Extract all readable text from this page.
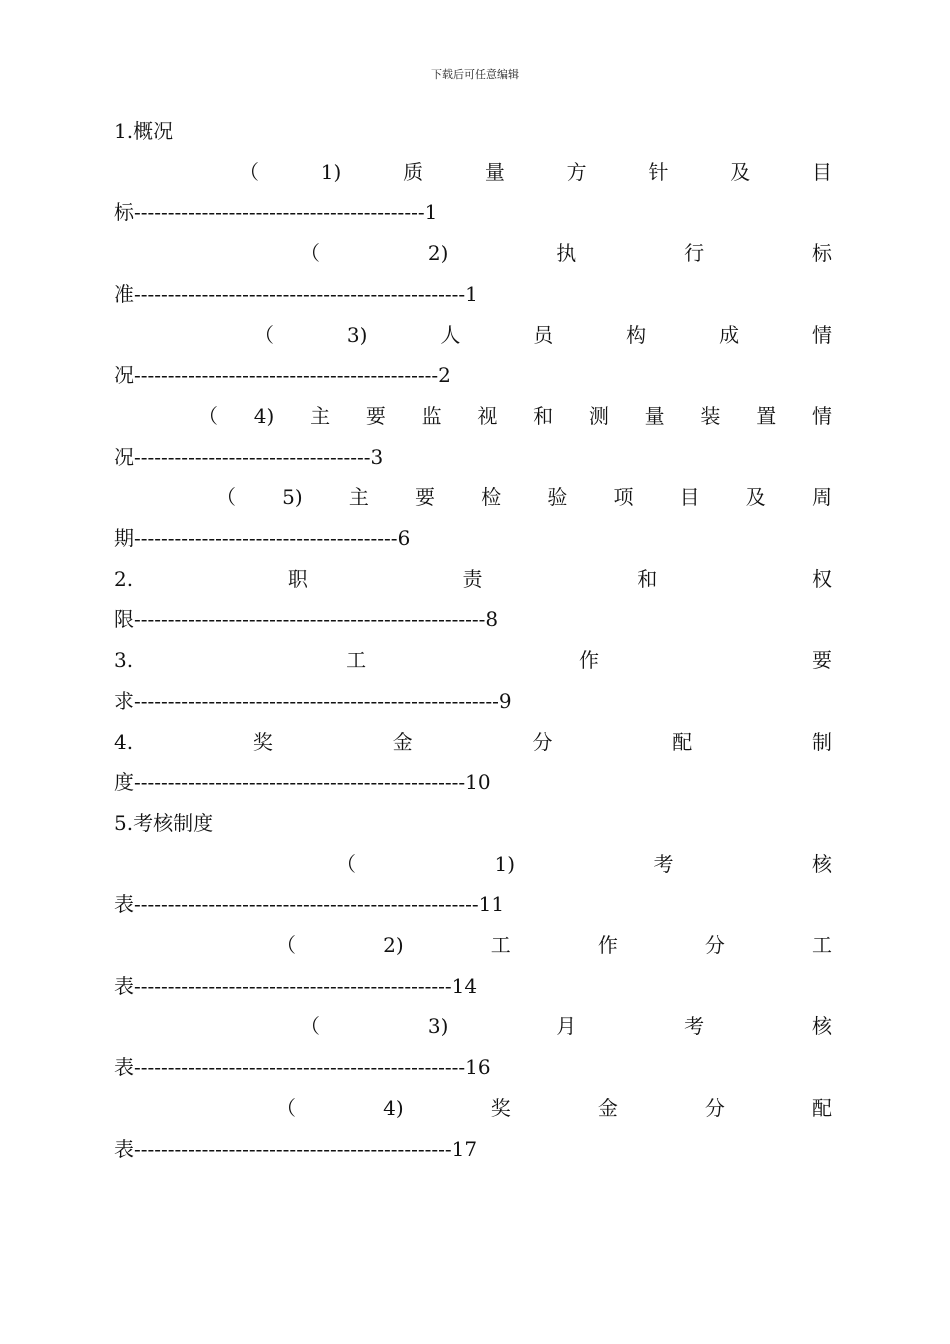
下载后可任意编辑
1.概况
（	1)	质	量	方	针	及	目
标 ------------------------------------------- 1
（	2)	执	行	标
准 ------------------------------------------------- 1
（	3)	人	员	构	成	情
况 --------------------------------------------- 2
（ 4) 主 要 监 视 和 测 量 装 置 情
况 ----------------------------------- 3
（ 5) 主 要 检 验 项 目 及 周
期 --------------------------------------- 6
2.	职	责	和	权
限 ---------------------------------------------------- 8
3.	工	作	要
求 ------------------------------------------------------ 9
4.	奖	金	分	配	制
度 ------------------------------------------------- 10
5.考核制度
（	1)	考	核
表 --------------------------------------------------- 11
（	2)	工	作	分	工
表 ----------------------------------------------- 14
（	3)	月	考	核
表 ------------------------------------------------- 16
（	4)	奖	金	分	配
表 ----------------------------------------------- 17
